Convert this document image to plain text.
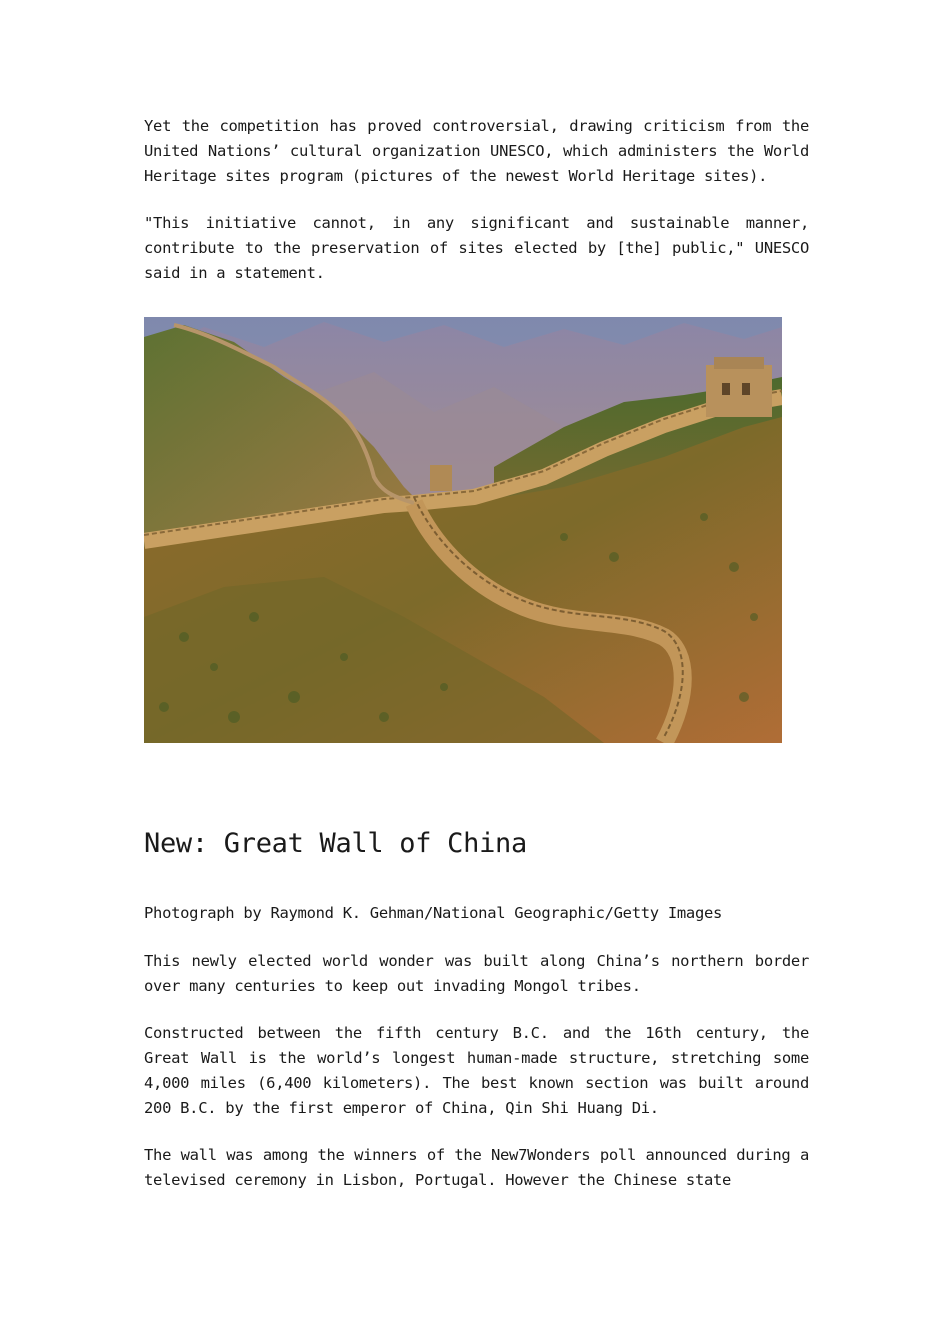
Yet the competition has proved controversial, drawing criticism from the United Nations’ cultural organization UNESCO, which administers the World Heritage sites program (pictures of the newest World Heritage sites).

"This initiative cannot, in any significant and sustainable manner, contribute to the preservation of sites elected by [the] public," UNESCO said in a statement.

New: Great Wall of China

Photograph by Raymond K. Gehman/National Geographic/Getty Images

This newly elected world wonder was built along China’s northern border over many centuries to keep out invading Mongol tribes.

Constructed between the fifth century B.C. and the 16th century, the Great Wall is the world’s longest human-made structure, stretching some 4,000 miles (6,400 kilometers). The best known section was built around 200 B.C. by the first emperor of China, Qin Shi Huang Di.

The wall was among the winners of the New7Wonders poll announced during a televised ceremony in Lisbon, Portugal. However the Chinese state
